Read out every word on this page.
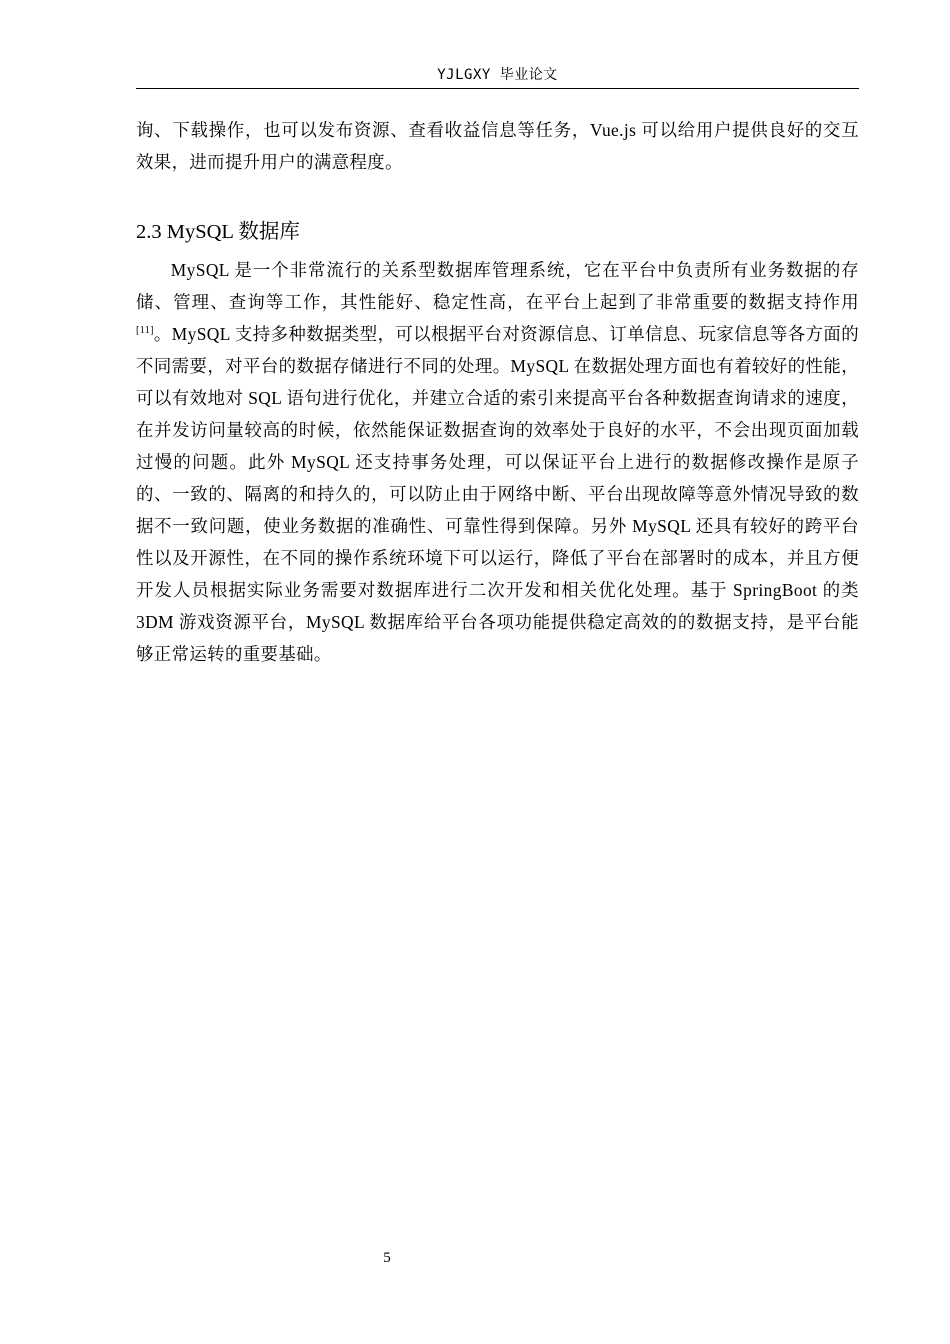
YJLGXY 毕业论文

询、下载操作，也可以发布资源、查看收益信息等任务，Vue.js 可以给用户提供良好的交互效果，进而提升用户的满意程度。

2.3 MySQL 数据库

MySQL 是一个非常流行的关系型数据库管理系统，它在平台中负责所有业务数据的存储、管理、查询等工作，其性能好、稳定性高，在平台上起到了非常重要的数据支持作用[11]。MySQL 支持多种数据类型，可以根据平台对资源信息、订单信息、玩家信息等各方面的不同需要，对平台的数据存储进行不同的处理。MySQL 在数据处理方面也有着较好的性能，可以有效地对 SQL 语句进行优化，并建立合适的索引来提高平台各种数据查询请求的速度，在并发访问量较高的时候，依然能保证数据查询的效率处于良好的水平，不会出现页面加载过慢的问题。此外 MySQL 还支持事务处理，可以保证平台上进行的数据修改操作是原子的、一致的、隔离的和持久的，可以防止由于网络中断、平台出现故障等意外情况导致的数据不一致问题，使业务数据的准确性、可靠性得到保障。另外 MySQL 还具有较好的跨平台性以及开源性，在不同的操作系统环境下可以运行，降低了平台在部署时的成本，并且方便开发人员根据实际业务需要对数据库进行二次开发和相关优化处理。基于 SpringBoot 的类 3DM 游戏资源平台，MySQL 数据库给平台各项功能提供稳定高效的的数据支持，是平台能够正常运转的重要基础。

5
